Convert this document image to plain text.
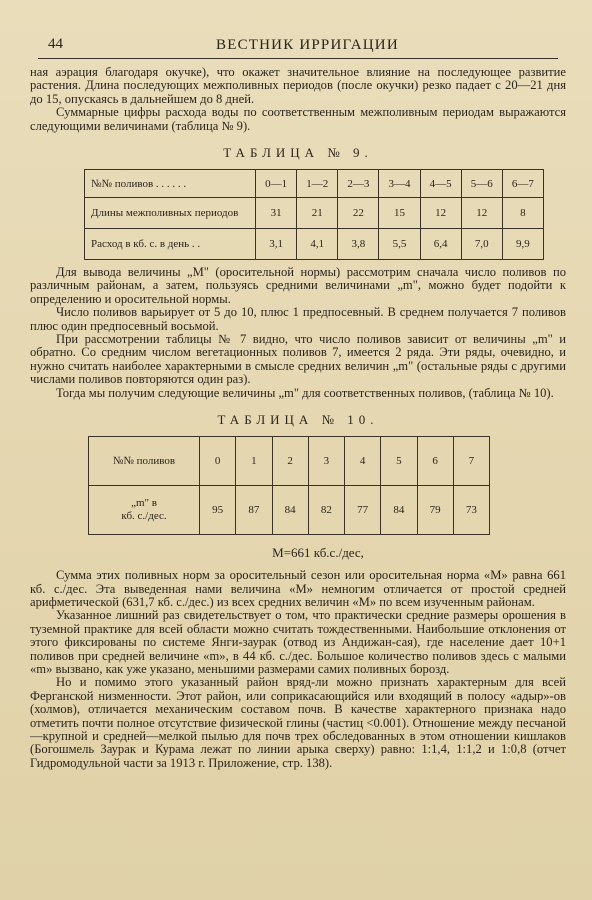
44	ВЕСТНИК ИРРИГАЦИИ

ная аэрация благодаря окучке), что окажет значительное влияние на последующее развитие растения. Длина последующих межполивных периодов (после окучки) резко падает с 20—21 дня до 15, опускаясь в дальнейшем до 8 дней.

Суммарные цифры расхода воды по соответственным межполивным периодам выражаются следующими величинами (таблица № 9).

ТАБЛИЦА № 9.
№№ поливов . . . . . .	0—1	1—2	2—3	3—4	4—5	5—6	6—7
Длины межполивных периодов	31	21	22	15	12	12	8
Расход в кб. с. в день . .	3,1	4,1	3,8	5,5	6,4	7,0	9,9

Для вывода величины „М" (оросительной нормы) рассмотрим сначала число поливов по различным районам, а затем, пользуясь средними величинами „m", можно будет подойти к определению и оросительной нормы.

Число поливов варьирует от 5 до 10, плюс 1 предпосевный. В среднем получается 7 поливов плюс один предпосевный восьмой.

При рассмотрении таблицы № 7 видно, что число поливов зависит от величины „m" и обратно. Со средним числом вегетационных поливов 7, имеется 2 ряда. Эти ряды, очевидно, и нужно считать наиболее характерными в смысле средних величин „m" (остальные ряды с другими числами поливов повторяются один раз).

Тогда мы получим следующие величины „m" для соответственных поливов, (таблица № 10).

ТАБЛИЦА № 10.
№№ поливов	0	1	2	3	4	5	6	7
„m" в
кб. с./дес.	95	87	84	82	77	84	79	73
М=661 кб.с./дес,

Сумма этих поливных норм за оросительный сезон или оросительная норма «М» равна 661 кб. с./дес. Эта выведенная нами величина «М» немногим отличается от простой средней арифметической (631,7 кб. с./дес.) из всех средних величин «М» по всем изученным районам.

Указанное лишний раз свидетельствует о том, что практически средние размеры орошения в туземной практике для всей области можно считать тождественными. Наибольшие отклонения от этого фиксированы по системе Янги-заурак (отвод из Андижан-сая), где население дает 10+1 поливов при средней величине «m», в 44 кб. с./дес. Большое количество поливов здесь с малыми «m» вызвано, как уже указано, меньшими размерами самих поливных борозд.

Но и помимо этого указанный район вряд-ли можно признать характерным для всей Ферганской низменности. Этот район, или соприкасающийся или входящий в полосу «адыр»-ов (холмов), отличается механическим составом почв. В качестве характерного признака надо отметить почти полное отсутствие физической глины (частиц <0.001). Отношение между песчаной—крупной и средней—мелкой пылью для почв трех обследованных в этом отношении кишлаков (Богошмель Заурак и Курама лежат по линии арыка сверху) равно: 1:1,4, 1:1,2 и 1:0,8 (отчет Гидромодульной части за 1913 г. Приложение, стр. 138).
